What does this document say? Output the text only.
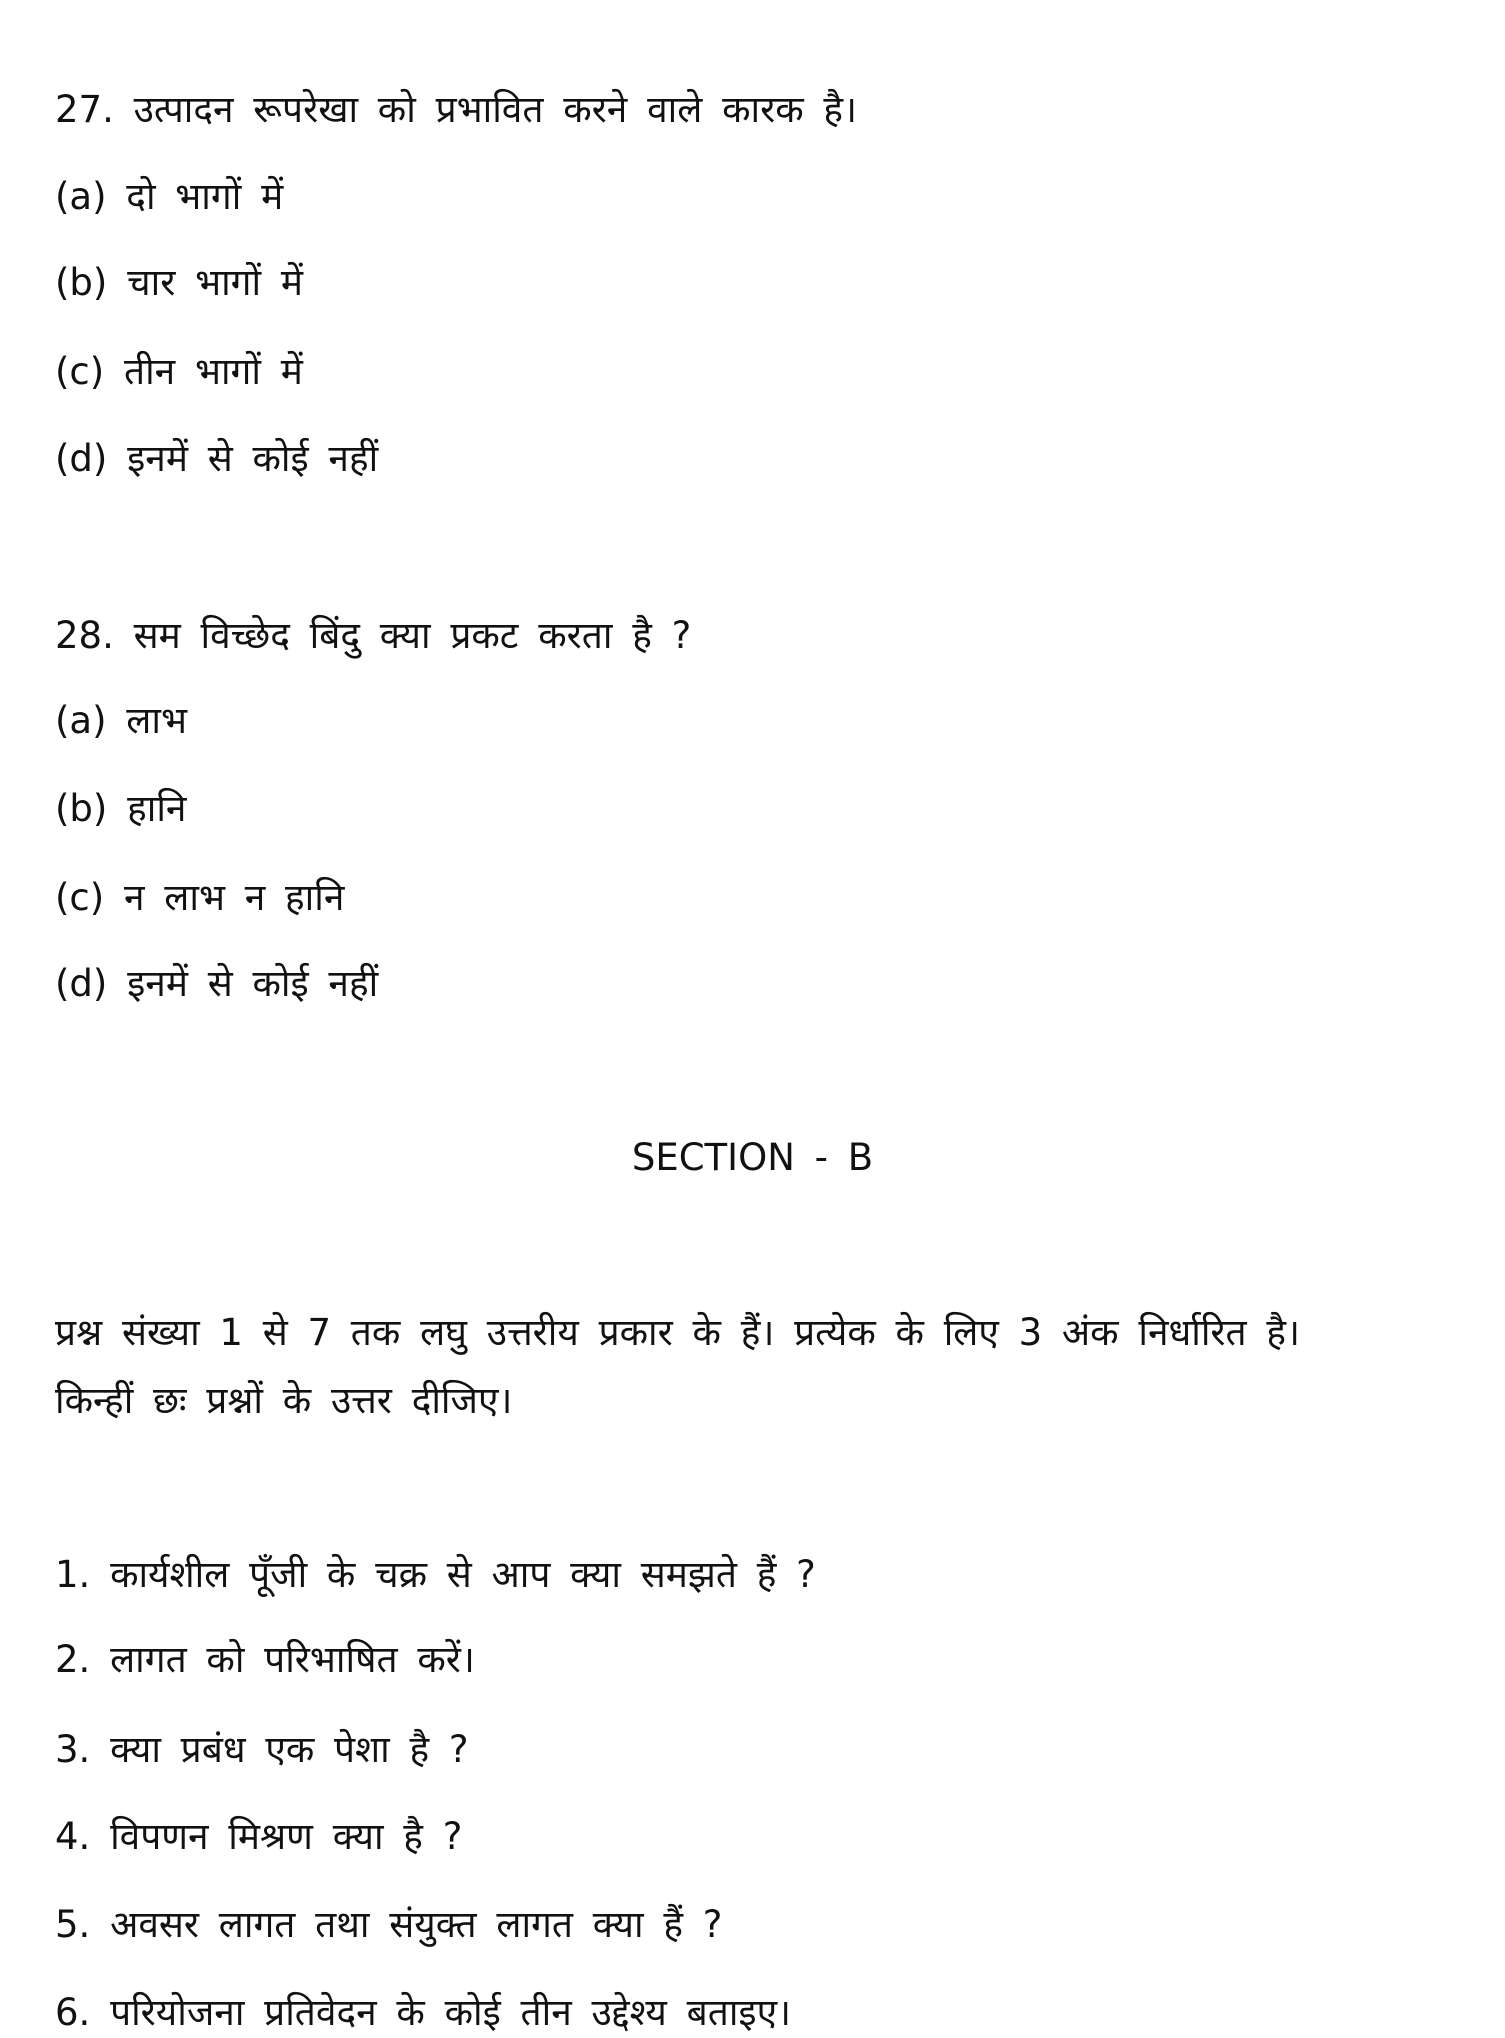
27. उत्पादन रूपरेखा को प्रभावित करने वाले कारक है।
(a) दो भागों में
(b) चार भागों में
(c) तीन भागों में
(d) इनमें से कोई नहीं
28. सम विच्छेद बिंदु क्या प्रकट करता है ?
(a) लाभ
(b) हानि
(c) न लाभ न हानि
(d) इनमें से कोई नहीं
SECTION - B
प्रश्न संख्या 1 से 7 तक लघु उत्तरीय प्रकार के हैं। प्रत्येक के लिए 3 अंक निर्धारित है।
किन्हीं छः प्रश्नों के उत्तर दीजिए।
1. कार्यशील पूँजी के चक्र से आप क्या समझते हैं ?
2. लागत को परिभाषित करें।
3. क्या प्रबंध एक पेशा है ?
4. विपणन मिश्रण क्या है ?
5. अवसर लागत तथा संयुक्त लागत क्या हैं ?
6. परियोजना प्रतिवेदन के कोई तीन उद्देश्य बताइए।
